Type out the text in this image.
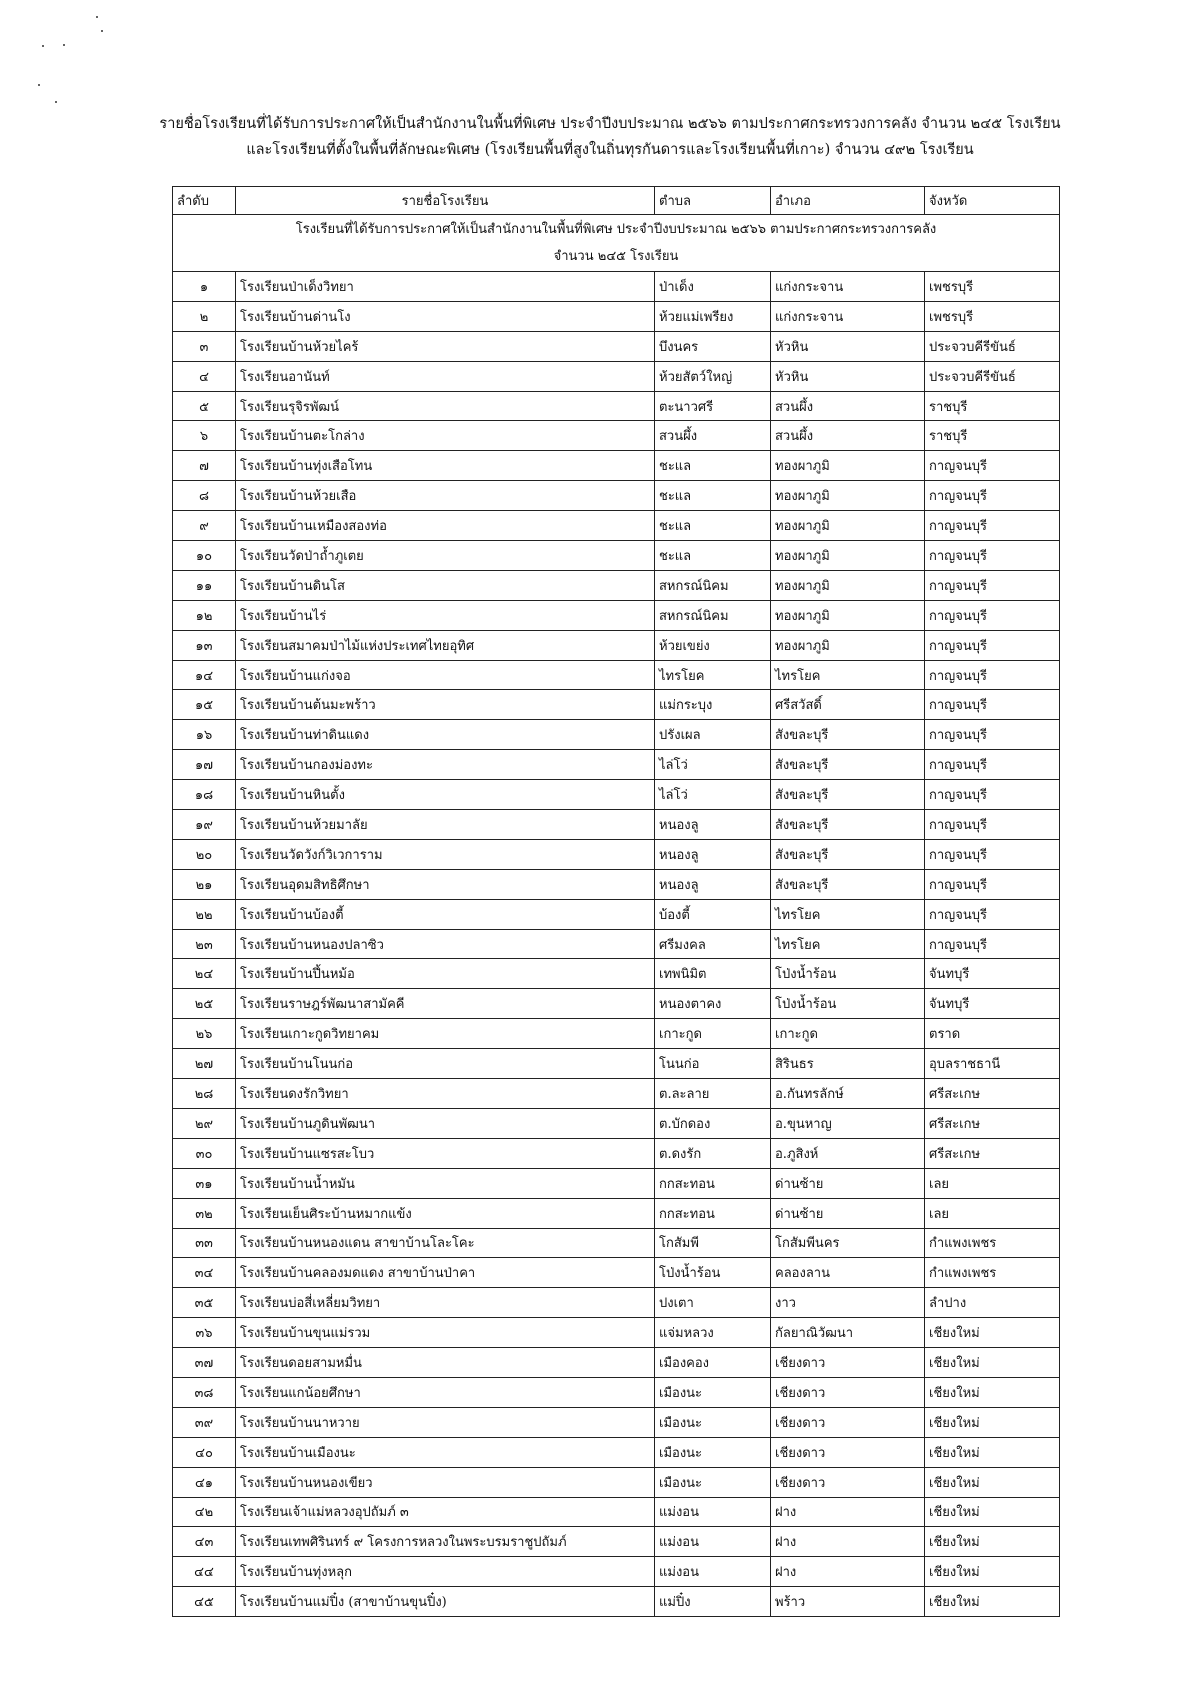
รายชื่อโรงเรียนที่ได้รับการประกาศให้เป็นสำนักงานในพื้นที่พิเศษ ประจำปีงบประมาณ ๒๕๖๖ ตามประกาศกระทรวงการคลัง จำนวน ๒๔๕ โรงเรียน
และโรงเรียนที่ตั้งในพื้นที่ลักษณะพิเศษ (โรงเรียนพื้นที่สูงในถิ่นทุรกันดารและโรงเรียนพื้นที่เกาะ) จำนวน ๔๙๒ โรงเรียน
ลำดับ	รายชื่อโรงเรียน	ตำบล	อำเภอ	จังหวัด

โรงเรียนที่ได้รับการประกาศให้เป็นสำนักงานในพื้นที่พิเศษ ประจำปีงบประมาณ ๒๕๖๖ ตามประกาศกระทรวงการคลัง
จำนวน ๒๔๕ โรงเรียน				

๑	โรงเรียนป่าเด็งวิทยา	ป่าเด็ง	แก่งกระจาน	เพชรบุรี
๒	โรงเรียนบ้านด่านโง	ห้วยแม่เพรียง	แก่งกระจาน	เพชรบุรี
๓	โรงเรียนบ้านห้วยไคร้	บึงนคร	หัวหิน	ประจวบคีรีขันธ์
๔	โรงเรียนอานันท์	ห้วยสัตว์ใหญ่	หัวหิน	ประจวบคีรีขันธ์
๕	โรงเรียนรุจิรพัฒน์	ตะนาวศรี	สวนผึ้ง	ราชบุรี
๖	โรงเรียนบ้านตะโกล่าง	สวนผึ้ง	สวนผึ้ง	ราชบุรี
๗	โรงเรียนบ้านทุ่งเสือโทน	ชะแล	ทองผาภูมิ	กาญจนบุรี
๘	โรงเรียนบ้านห้วยเสือ	ชะแล	ทองผาภูมิ	กาญจนบุรี
๙	โรงเรียนบ้านเหมืองสองท่อ	ชะแล	ทองผาภูมิ	กาญจนบุรี
๑๐	โรงเรียนวัดป่าถ้ำภูเตย	ชะแล	ทองผาภูมิ	กาญจนบุรี
๑๑	โรงเรียนบ้านดินโส	สหกรณ์นิคม	ทองผาภูมิ	กาญจนบุรี
๑๒	โรงเรียนบ้านไร่	สหกรณ์นิคม	ทองผาภูมิ	กาญจนบุรี
๑๓	โรงเรียนสมาคมป่าไม้แห่งประเทศไทยอุทิศ	ห้วยเขย่ง	ทองผาภูมิ	กาญจนบุรี
๑๔	โรงเรียนบ้านแก่งจอ	ไทรโยค	ไทรโยค	กาญจนบุรี
๑๕	โรงเรียนบ้านต้นมะพร้าว	แม่กระบุง	ศรีสวัสดิ์	กาญจนบุรี
๑๖	โรงเรียนบ้านท่าดินแดง	ปรังเผล	สังขละบุรี	กาญจนบุรี
๑๗	โรงเรียนบ้านกองม่องทะ	ไล่โว่	สังขละบุรี	กาญจนบุรี
๑๘	โรงเรียนบ้านหินตั้ง	ไล่โว่	สังขละบุรี	กาญจนบุรี
๑๙	โรงเรียนบ้านห้วยมาลัย	หนองลู	สังขละบุรี	กาญจนบุรี
๒๐	โรงเรียนวัดวังก์วิเวการาม	หนองลู	สังขละบุรี	กาญจนบุรี
๒๑	โรงเรียนอุดมสิทธิศึกษา	หนองลู	สังขละบุรี	กาญจนบุรี
๒๒	โรงเรียนบ้านบ้องตี้	บ้องตี้	ไทรโยค	กาญจนบุรี
๒๓	โรงเรียนบ้านหนองปลาซิว	ศรีมงคล	ไทรโยค	กาญจนบุรี
๒๔	โรงเรียนบ้านปึ้นหม้อ	เทพนิมิต	โป่งน้ำร้อน	จันทบุรี
๒๕	โรงเรียนราษฎร์พัฒนาสามัคคี	หนองตาคง	โป่งน้ำร้อน	จันทบุรี
๒๖	โรงเรียนเกาะกูดวิทยาคม	เกาะกูด	เกาะกูด	ตราด
๒๗	โรงเรียนบ้านโนนก่อ	โนนก่อ	สิรินธร	อุบลราชธานี
๒๘	โรงเรียนดงรักวิทยา	ต.ละลาย	อ.กันทรลักษ์	ศรีสะเกษ
๒๙	โรงเรียนบ้านภูดินพัฒนา	ต.บักดอง	อ.ขุนหาญ	ศรีสะเกษ
๓๐	โรงเรียนบ้านแซรสะโบว	ต.ดงรัก	อ.ภูสิงห์	ศรีสะเกษ
๓๑	โรงเรียนบ้านน้ำหมัน	กกสะทอน	ด่านซ้าย	เลย
๓๒	โรงเรียนเย็นศิระบ้านหมากแข้ง	กกสะทอน	ด่านซ้าย	เลย
๓๓	โรงเรียนบ้านหนองแดน สาขาบ้านโละโคะ	โกสัมพี	โกสัมพีนคร	กำแพงเพชร
๓๔	โรงเรียนบ้านคลองมดแดง สาขาบ้านป่าคา	โป่งน้ำร้อน	คลองลาน	กำแพงเพชร
๓๕	โรงเรียนบ่อสี่เหลี่ยมวิทยา	ปงเตา	งาว	ลำปาง
๓๖	โรงเรียนบ้านขุนแม่รวม	แจ่มหลวง	กัลยาณิวัฒนา	เชียงใหม่
๓๗	โรงเรียนดอยสามหมื่น	เมืองคอง	เชียงดาว	เชียงใหม่
๓๘	โรงเรียนแกน้อยศึกษา	เมืองนะ	เชียงดาว	เชียงใหม่
๓๙	โรงเรียนบ้านนาหวาย	เมืองนะ	เชียงดาว	เชียงใหม่
๔๐	โรงเรียนบ้านเมืองนะ	เมืองนะ	เชียงดาว	เชียงใหม่
๔๑	โรงเรียนบ้านหนองเขียว	เมืองนะ	เชียงดาว	เชียงใหม่
๔๒	โรงเรียนเจ้าแม่หลวงอุปถัมภ์ ๓	แม่งอน	ฝาง	เชียงใหม่
๔๓	โรงเรียนเทพศิรินทร์ ๙ โครงการหลวงในพระบรมราชูปถัมภ์	แม่งอน	ฝาง	เชียงใหม่
๔๔	โรงเรียนบ้านทุ่งหลุก	แม่งอน	ฝาง	เชียงใหม่
๔๕	โรงเรียนบ้านแม่ปิ๋ง (สาขาบ้านขุนปิ๋ง)	แม่ปิ๋ง	พร้าว	เชียงใหม่
